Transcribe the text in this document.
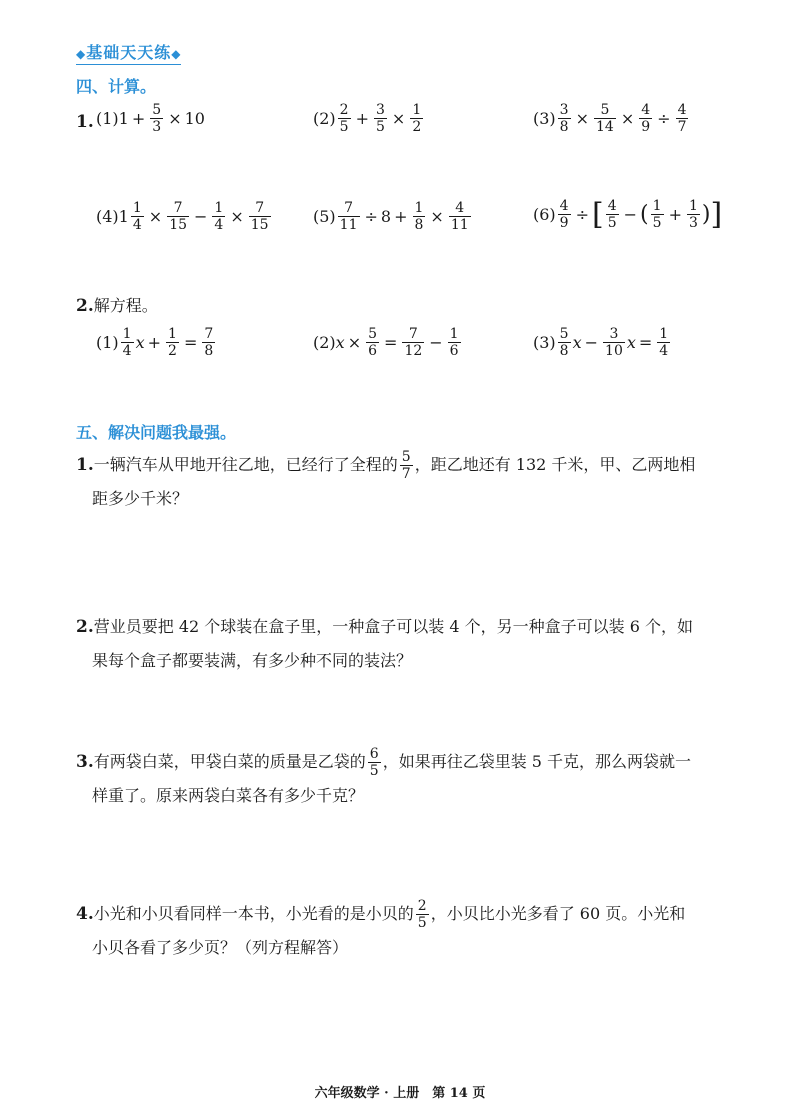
◆基础天天练◆
四、计算。
1. (1) $1 + \frac{5}{3} \times 10$	$(2) \frac{2}{5} + \frac{3}{5} \times \frac{1}{2}$	$(3) \frac{3}{8} \times \frac{5}{14} \times \frac{4}{9} \div \frac{4}{7}$
(4) $1 \frac{1}{4} \times \frac{7}{15} - \frac{1}{4} \times \frac{7}{15}$	$(5) \frac{7}{11} \div 8 + \frac{1}{8} \times \frac{4}{11}$	$(6) \frac{4}{9}$ ÷ [ $\frac{4}{5}$ − ( $\frac{1}{5} + \frac{1}{3}$ ) ]
2.解方程。
$(1) \frac{1}{4}$ $x + \frac{1}{2} = \frac{7}{8}$	(2) $x \times \frac{5}{6} = \frac{7}{12} - \frac{1}{6}$	$(3) \frac{5}{8}$ $x - \frac{3}{10}$ $x = \frac{1}{4}$
五、解决问题我最强。
1.一辆汽车从甲地开往乙地，已经行了全程的 $\frac{5}{7}$ ，距乙地还有 132 千米，甲、乙两地相
距多少千米？
2.营业员要把 42 个球装在盒子里，一种盒子可以装 4 个，另一种盒子可以装 6 个，如
果每个盒子都要装满，有多少种不同的装法？
3.有两袋白菜，甲袋白菜的质量是乙袋的 $\frac{6}{5}$ ，如果再往乙袋里装 5 千克，那么两袋就一
样重了。原来两袋白菜各有多少千克？
4.小光和小贝看同样一本书，小光看的是小贝的 $\frac{2}{5}$ ，小贝比小光多看了 60 页。小光和
小贝各看了多少页？（列方程解答）
六年级数学 · 上册　第 14 页
